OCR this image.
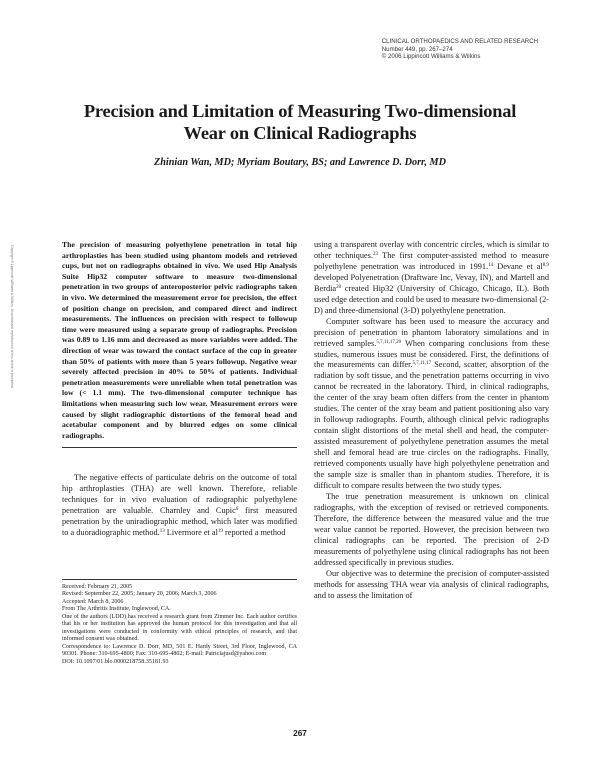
CLINICAL ORTHOPAEDICS AND RELATED RESEARCH
Number 449, pp. 267–274
© 2006 Lippincott Williams & Wilkins
Precision and Limitation of Measuring Two-dimensional
Wear on Clinical Radiographs
Zhinian Wan, MD; Myriam Boutary, BS; and Lawrence D. Dorr, MD
Copyright © Lippincott Williams & Wilkins. Unauthorized reproduction of this article is prohibited.

The precision of measuring polyethylene penetration in total hip arthroplasties has been studied using phantom models and retrieved cups, but not on radiographs obtained in vivo. We used Hip Analysis Suite Hip32 computer software to measure two-dimensional penetration in two groups of anteroposterior pelvic radiographs taken in vivo. We determined the measurement error for precision, the effect of position change on precision, and compared direct and indirect measurements. The influences on precision with respect to followup time were measured using a separate group of radiographs. Precision was 0.89 to 1.16 mm and decreased as more variables were added. The direction of wear was toward the contact surface of the cup in greater than 50% of patients with more than 5 years followup. Negative wear severely affected precision in 40% to 50% of patients. Individual penetration measurements were unreliable when total penetration was low (< 1.1 mm). The two-dimensional computer technique has limitations when measuring such low wear. Measurement errors were caused by slight radiographic distortions of the femoral head and acetabular component and by blurred edges on some clinical radiographs.

The negative effects of particulate debris on the outcome of total hip arthroplasties (THA) are well known. Therefore, reliable techniques for in vivo evaluation of radiographic polyethylene penetration are valuable. Charnley and Cupic$^6$ first measured penetration by the uniradiographic method, which later was modified to a duoradiographic method.$^{13}$ Livermore et $al^{19}$ reported a method

Received: February 21, 2005

Revised: September 22, 2005; January 20, 2006; March 3, 2006

Accepted: March 8, 2006

From The Arthritis Institute, Inglewood, CA.

One of the authors (LDD) has received a research grant from Zimmer Inc. Each author certifies that his or her institution has approved the human protocol for this investigation and that all investigations were conducted in conformity with ethical principles of research, and that informed consent was obtained.

Correspondence to: Lawrence D. Dorr, MD, 501 E. Hardy Street, 3rd Floor, Inglewood, CA 90301. Phone: 310-695-4800; Fax: 310-695-4802; E-mail: Patriciajusd@yahoo.com

DOI: 10.1097/01.blo.0000218758.35181.93

using a transparent overlay with concentric circles, which is similar to other techniques.$^{23}$ The first computer-assisted method to measure polyethylene penetration was introduced in 1991.14 Devane et al$^{8,9}$ developed Polyenetration (Draftware Inc, Vevay, IN), and Martell and Berdia$^{20}$ created Hip32 (University of Chicago, Chicago, IL). Both used edge detection and could be used to measure two-dimensional (2-D) and three-dimensional (3-D) polyethylene penetration.

Computer software has been used to measure the accuracy and precision of penetration in phantom laboratory simulations and in retrieved samples.$^{5,7,11,17,20}$ When comparing conclusions from these studies, numerous issues must be considered. First, the definitions of the measurements can differ.$^{5,7,11,17}$ Second, scatter, absorption of the radiation by soft tissue, and the penetration patterns occurring in vivo cannot be recreated in the laboratory. Third, in clinical radiographs, the center of the xray beam often differs from the center in phantom studies. The center of the xray beam and patient positioning also vary in followup radiographs. Fourth, although clinical pelvic radiographs contain slight distortions of the metal shell and head, the computer-assisted measurement of polyethylene penetration assumes the metal shell and femoral head are true circles on the radiographs. Finally, retrieved components usually have high polyethylene penetration and the sample size is smaller than in phantom studies. Therefore, it is difficult to compare results between the two study types.

The true penetration measurement is unknown on clinical radiographs, with the exception of revised or retrieved components. Therefore, the difference between the measured value and the true wear value cannot be reported. However, the precision between two clinical radiographs can be reported. The precision of 2-D measurements of polyethylene using clinical radiographs has not been addressed specifically in previous studies.

Our objective was to determine the precision of computer-assisted methods for assessing THA wear via analysis of clinical radiographs, and to assess the limitation of

267
